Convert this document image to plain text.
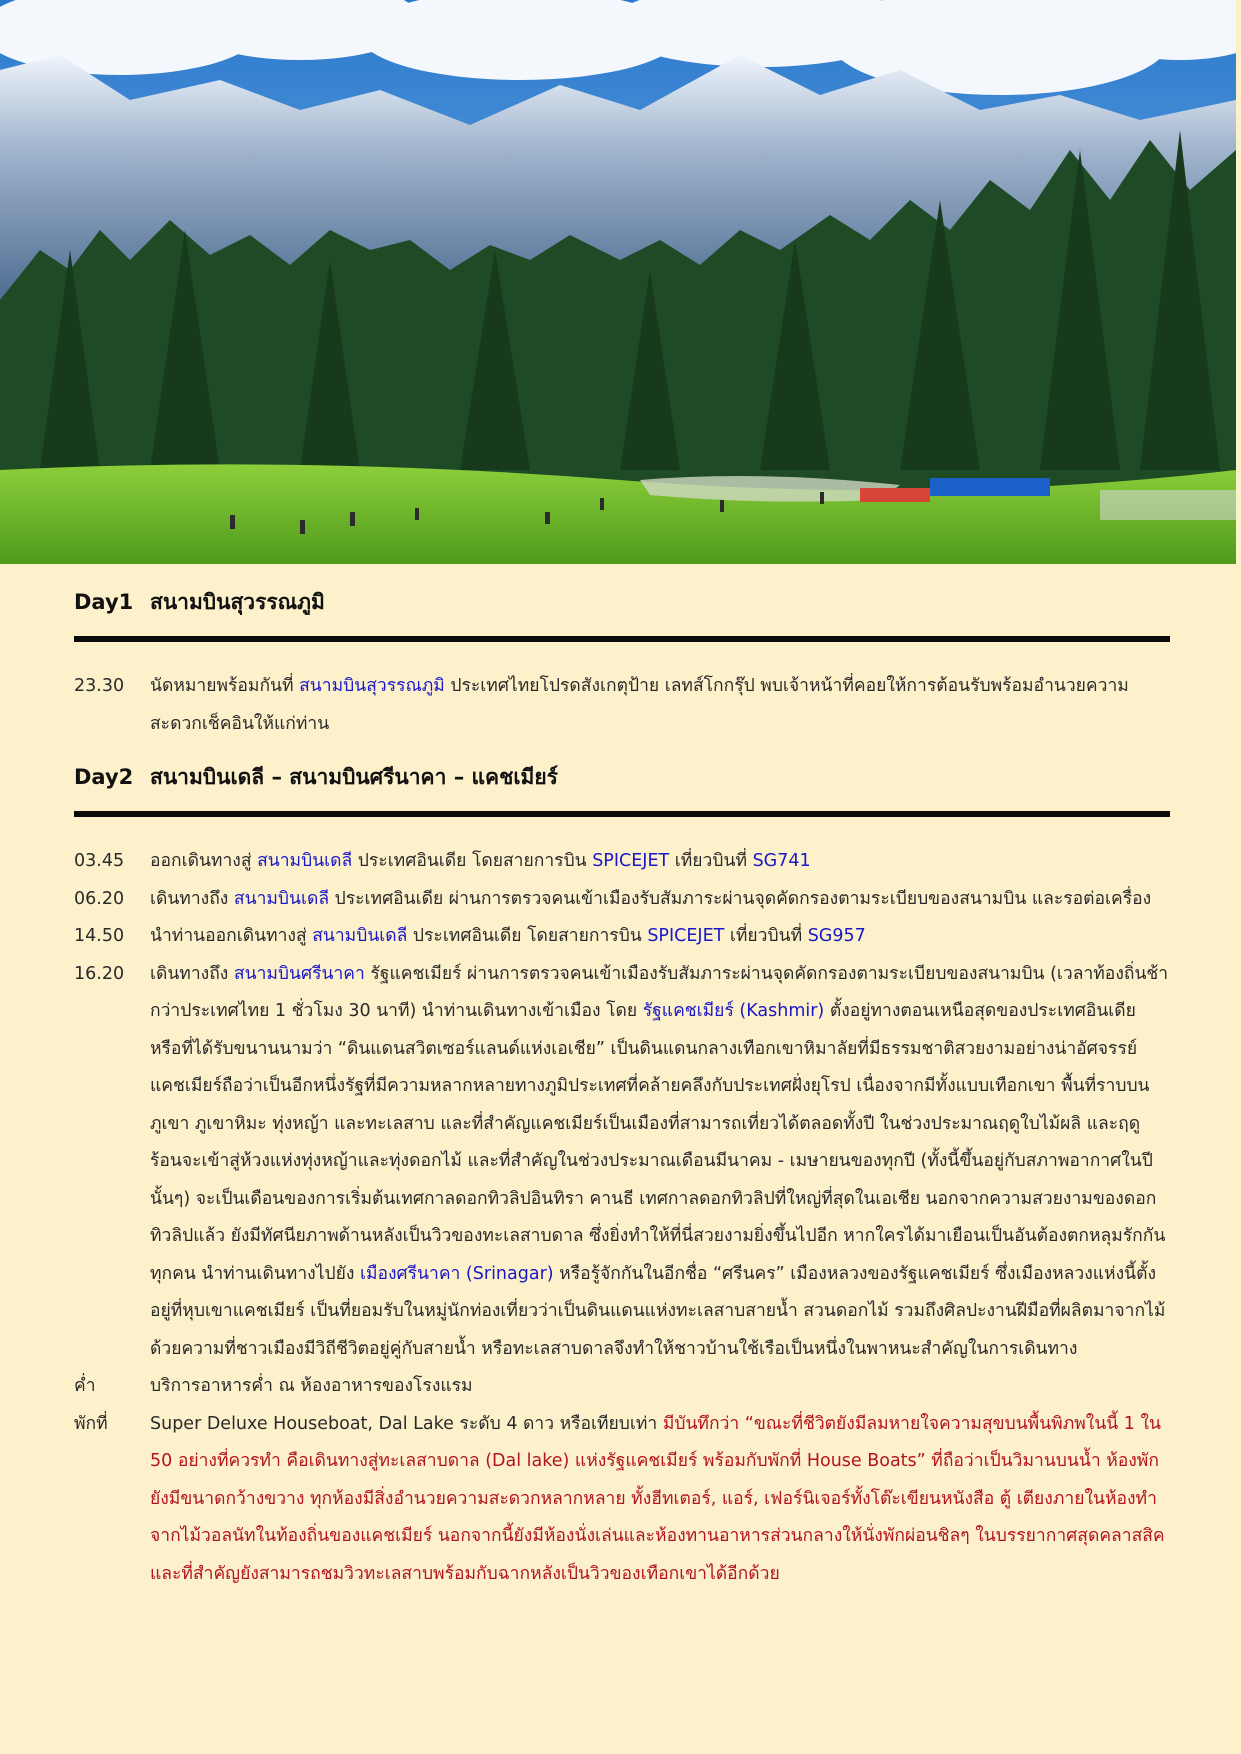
Day1 สนามบินสุวรรณภูมิ
23.30	นัดหมายพร้อมกันที่ สนามบินสุวรรณภูมิ ประเทศไทยโปรดสังเกตุป้าย เลทส์โกกรุ๊ป พบเจ้าหน้าที่คอยให้การต้อนรับพร้อมอำนวยความสะดวกเช็คอินให้แก่ท่าน
Day2 สนามบินเดลี – สนามบินศรีนาคา – แคชเมียร์
03.45	ออกเดินทางสู่ สนามบินเดลี ประเทศอินเดีย โดยสายการบิน SPICEJET เที่ยวบินที่ SG741
06.20	เดินทางถึง สนามบินเดลี ประเทศอินเดีย ผ่านการตรวจคนเข้าเมืองรับสัมภาระผ่านจุดคัดกรองตามระเบียบของสนามบิน และรอต่อเครื่อง
14.50	นำท่านออกเดินทางสู่ สนามบินเดลี ประเทศอินเดีย โดยสายการบิน SPICEJET เที่ยวบินที่ SG957
16.20	เดินทางถึง สนามบินศรีนาคา รัฐแคชเมียร์ ผ่านการตรวจคนเข้าเมืองรับสัมภาระผ่านจุดคัดกรองตามระเบียบของสนามบิน (เวลาท้องถิ่นช้ากว่าประเทศไทย 1 ชั่วโมง 30 นาที) นำท่านเดินทางเข้าเมือง โดย รัฐแคชเมียร์ (Kashmir) ตั้งอยู่ทางตอนเหนือสุดของประเทศอินเดีย หรือที่ได้รับขนานนามว่า “ดินแดนสวิตเซอร์แลนด์แห่งเอเชีย” เป็นดินแดนกลางเทือกเขาหิมาลัยที่มีธรรมชาติสวยงามอย่างน่าอัศจรรย์ แคชเมียร์ถือว่าเป็นอีกหนึ่งรัฐที่มีความหลากหลายทางภูมิประเทศที่คล้ายคลึงกับประเทศฝั่งยุโรป เนื่องจากมีทั้งแบบเทือกเขา พื้นที่ราบบนภูเขา ภูเขาหิมะ ทุ่งหญ้า และทะเลสาบ และที่สำคัญแคชเมียร์เป็นเมืองที่สามารถเที่ยวได้ตลอดทั้งปี ในช่วงประมาณฤดูใบไม้ผลิ และฤดูร้อนจะเข้าสู่ห้วงแห่งทุ่งหญ้าและทุ่งดอกไม้ และที่สำคัญในช่วงประมาณเดือนมีนาคม - เมษายนของทุกปี (ทั้งนี้ขึ้นอยู่กับสภาพอากาศในปีนั้นๆ) จะเป็นเดือนของการเริ่มต้นเทศกาลดอกทิวลิปอินทิรา คานธี เทศกาลดอกทิวลิปที่ใหญ่ที่สุดในเอเชีย นอกจากความสวยงามของดอกทิวลิปแล้ว ยังมีทัศนียภาพด้านหลังเป็นวิวของทะเลสาบดาล ซึ่งยิ่งทำให้ที่นี่สวยงามยิ่งขึ้นไปอีก หากใครได้มาเยือนเป็นอันต้องตกหลุมรักกันทุกคน นำท่านเดินทางไปยัง เมืองศรีนาคา (Srinagar) หรือรู้จักกันในอีกชื่อ “ศรีนคร” เมืองหลวงของรัฐแคชเมียร์ ซึ่งเมืองหลวงแห่งนี้ตั้งอยู่ที่หุบเขาแคชเมียร์ เป็นที่ยอมรับในหมู่นักท่องเที่ยวว่าเป็นดินแดนแห่งทะเลสาบสายน้ำ สวนดอกไม้ รวมถึงศิลปะงานฝีมือที่ผลิตมาจากไม้ ด้วยความที่ชาวเมืองมีวิถีชีวิตอยู่คู่กับสายน้ำ หรือทะเลสาบดาลจึงทำให้ชาวบ้านใช้เรือเป็นหนึ่งในพาหนะสำคัญในการเดินทาง
ค่ำ	บริการอาหารค่ำ ณ ห้องอาหารของโรงแรม
พักที่	Super Deluxe Houseboat, Dal Lake ระดับ 4 ดาว หรือเทียบเท่า มีบันทึกว่า “ขณะที่ชีวิตยังมีลมหายใจความสุขบนพื้นพิภพในนี้ 1 ใน 50 อย่างที่ควรทำ คือเดินทางสู่ทะเลสาบดาล (Dal lake) แห่งรัฐแคชเมียร์ พร้อมกับพักที่ House Boats” ที่ถือว่าเป็นวิมานบนน้ำ ห้องพักยังมีขนาดกว้างขวาง ทุกห้องมีสิ่งอำนวยความสะดวกหลากหลาย ทั้งฮีทเตอร์, แอร์, เฟอร์นิเจอร์ทั้งโต๊ะเขียนหนังสือ ตู้ เตียงภายในห้องทำจากไม้วอลนัทในท้องถิ่นของแคชเมียร์ นอกจากนี้ยังมีห้องนั่งเล่นและห้องทานอาหารส่วนกลางให้นั่งพักผ่อนชิลๆ ในบรรยากาศสุดคลาสสิค และที่สำคัญยังสามารถชมวิวทะเลสาบพร้อมกับฉากหลังเป็นวิวของเทือกเขาได้อีกด้วย
